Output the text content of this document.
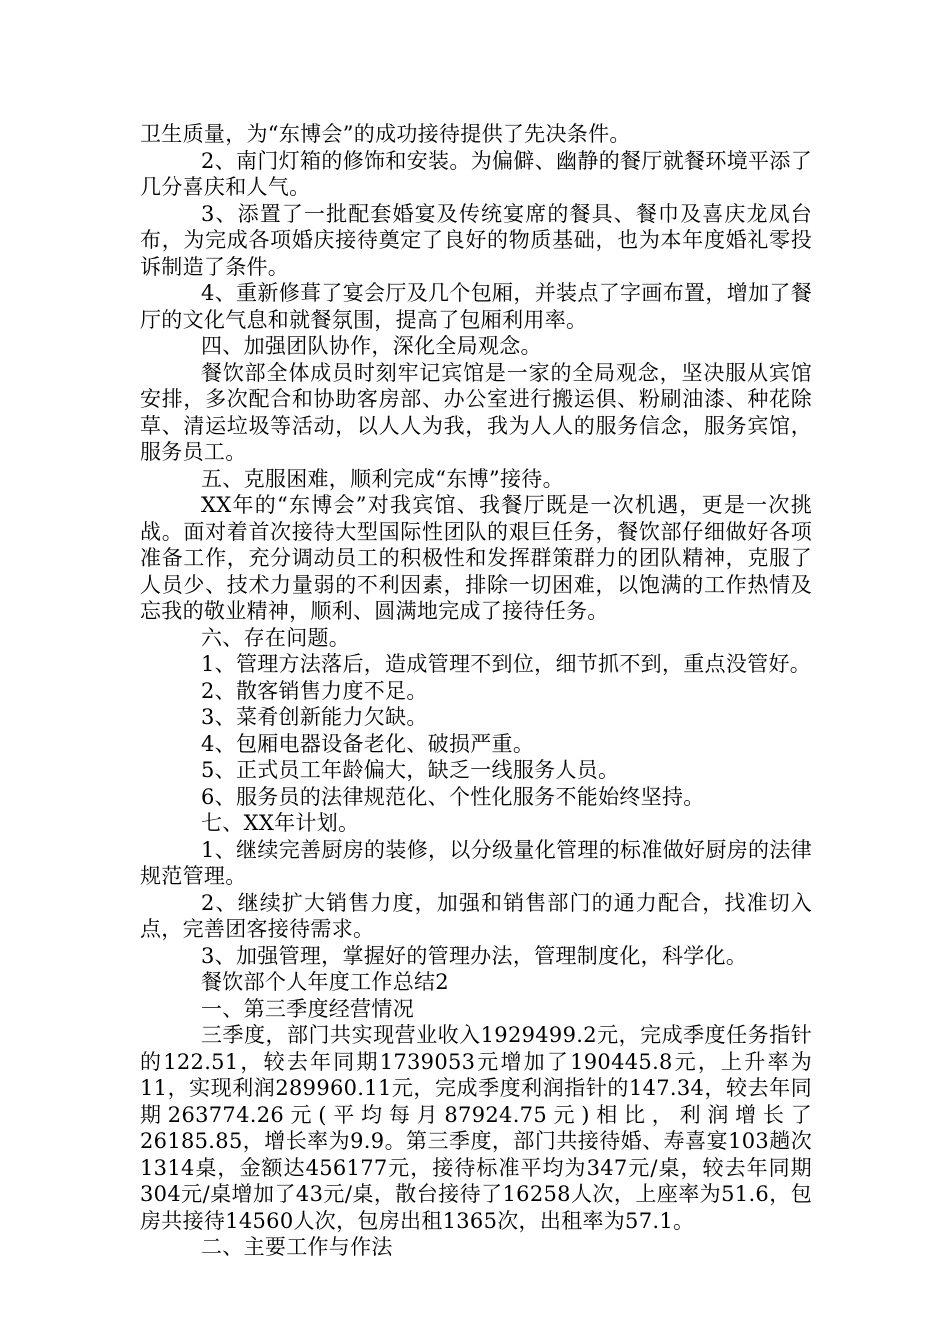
卫生质量，为“东博会”的成功接待提供了先决条件。

2、南门灯箱的修饰和安装。为偏僻、幽静的餐厅就餐环境平添了几分喜庆和人气。

3、添置了一批配套婚宴及传统宴席的餐具、餐巾及喜庆龙凤台布，为完成各项婚庆接待奠定了良好的物质基础，也为本年度婚礼零投诉制造了条件。

4、重新修葺了宴会厅及几个包厢，并装点了字画布置，增加了餐厅的文化气息和就餐氛围，提高了包厢利用率。

四、加强团队协作，深化全局观念。

餐饮部全体成员时刻牢记宾馆是一家的全局观念，坚决服从宾馆安排，多次配合和协助客房部、办公室进行搬运倶、粉刷油漆、种花除草、清运垃圾等活动，以人人为我，我为人人的服务信念，服务宾馆，服务员工。

五、克服困难，顺利完成“东博”接待。

XX年的“东博会”对我宾馆、我餐厅既是一次机遇，更是一次挑战。面对着首次接待大型国际性团队的艰巨任务，餐饮部仔细做好各项准备工作，充分调动员工的积极性和发挥群策群力的团队精神，克服了人员少、技术力量弱的不利因素，排除一切困难，以饱满的工作热情及忘我的敬业精神，顺利、圆满地完成了接待任务。

六、存在问题。

1、管理方法落后，造成管理不到位，细节抓不到，重点没管好。

2、散客销售力度不足。

3、菜肴创新能力欠缺。

4、包厢电器设备老化、破损严重。

5、正式员工年龄偏大，缺乏一线服务人员。

6、服务员的法律规范化、个性化服务不能始终坚持。

七、XX年计划。

1、继续完善厨房的装修，以分级量化管理的标准做好厨房的法律规范管理。

2、继续扩大销售力度，加强和销售部门的通力配合，找准切入点，完善团客接待需求。

3、加强管理，掌握好的管理办法，管理制度化，科学化。

餐饮部个人年度工作总结2

一、第三季度经营情况

三季度，部门共实现营业收入1929499.2元，完成季度任务指针的122.51，较去年同期1739053元增加了190445.8元，上升率为11，实现利润289960.11元，完成季度利润指针的147.34，较去年同期263774.26元(平均每月87924.75元)相比，利润增长了26185.85，增长率为9.9。第三季度，部门共接待婚、寿喜宴103趟次1314桌，金额达456177元，接待标准平均为347元/桌，较去年同期304元/桌增加了43元/桌，散台接待了16258人次，上座率为51.6，包房共接待14560人次，包房出租1365次，出租率为57.1。

二、主要工作与作法
